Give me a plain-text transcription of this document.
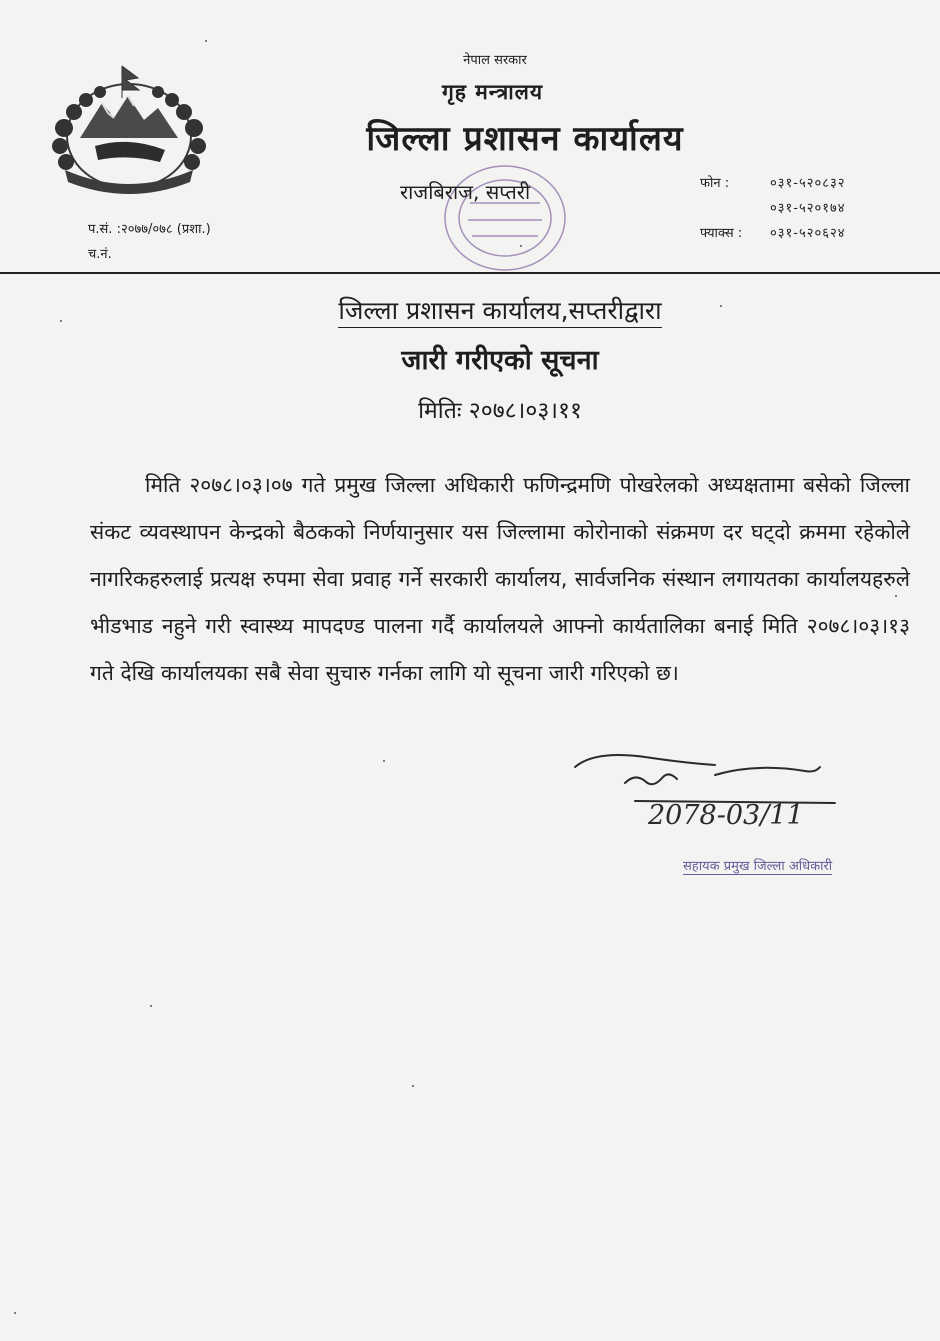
नेपाल सरकार
गृह मन्त्रालय
जिल्ला प्रशासन कार्यालय
राजबिराज, सप्तरी	फोन :	०३१-५२०८३२
०३१-५२०१७४
फ्याक्स :	०३१-५२०६२४
प.सं. :२०७७/०७८ (प्रशा.)
च.नं.
जिल्ला प्रशासन कार्यालय,सप्तरीद्वारा
जारी गरीएको सूचना
मितिः २०७८।०३।११
मिति २०७८।०३।०७ गते प्रमुख जिल्ला अधिकारी फणिन्द्रमणि पोखरेलको अध्यक्षतामा बसेको जिल्ला संकट व्यवस्थापन केन्द्रको बैठकको निर्णयानुसार यस जिल्लामा कोरोनाको संक्रमण दर घट्दो क्रममा रहेकोले नागरिकहरुलाई प्रत्यक्ष रुपमा सेवा प्रवाह गर्ने सरकारी कार्यालय, सार्वजनिक संस्थान लगायतका कार्यालयहरुले भीडभाड नहुने गरी स्वास्थ्य मापदण्ड पालना गर्दै कार्यालयले आफ्नो कार्यतालिका बनाई मिति २०७८।०३।१३ गते देखि कार्यालयका सबै सेवा सुचारु गर्नका लागि यो सूचना जारी गरिएको छ।
2078-03/11
सहायक प्रमुख जिल्ला अधिकारी
